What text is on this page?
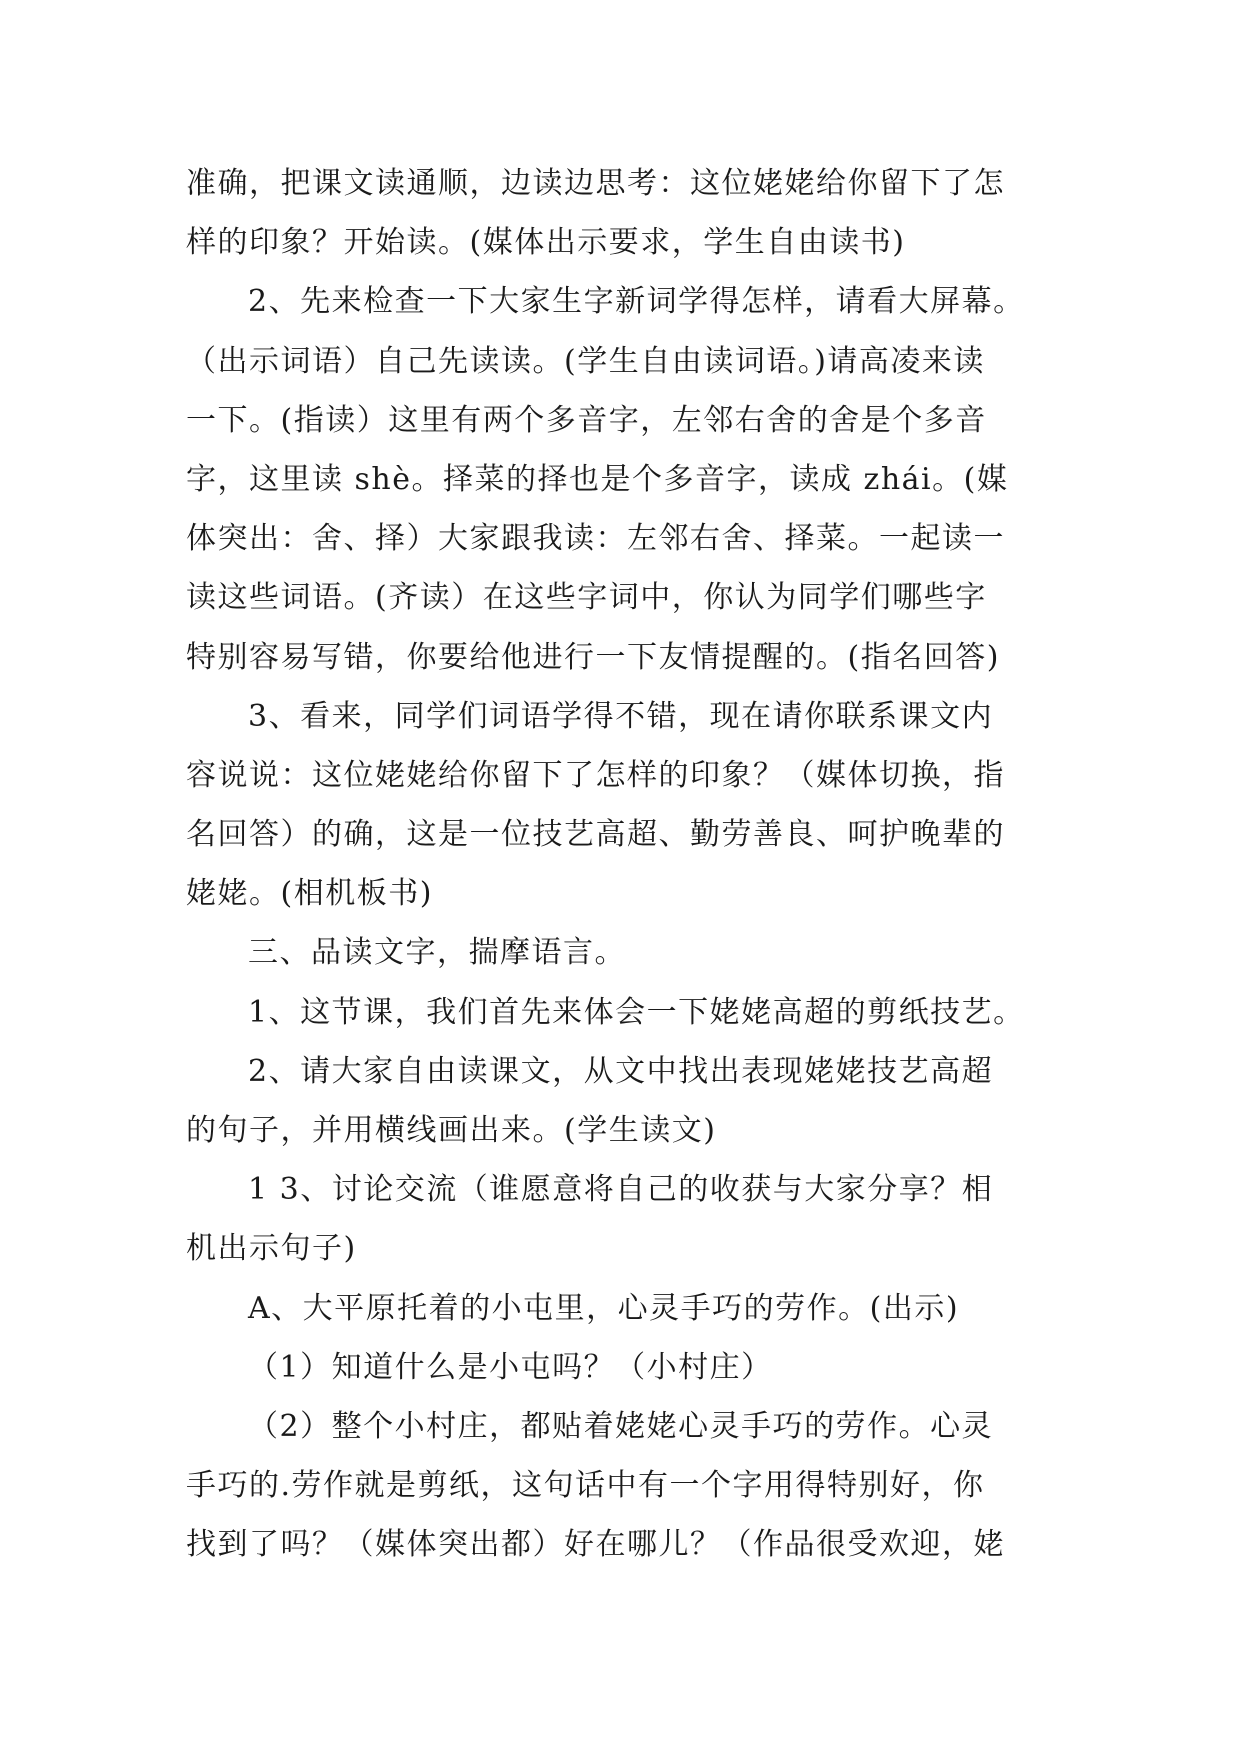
准确，把课文读通顺，边读边思考：这位姥姥给你留下了怎
样的印象？开始读。(媒体出示要求，学生自由读书)
2、先来检查一下大家生字新词学得怎样，请看大屏幕。
（出示词语）自己先读读。(学生自由读词语。)请高凌来读
一下。(指读）这里有两个多音字，左邻右舍的舍是个多音
字，这里读 shè。择菜的择也是个多音字，读成 zhái。(媒
体突出：舍、择）大家跟我读：左邻右舍、择菜。一起读一
读这些词语。(齐读）在这些字词中，你认为同学们哪些字
特别容易写错，你要给他进行一下友情提醒的。(指名回答)
3、看来，同学们词语学得不错，现在请你联系课文内
容说说：这位姥姥给你留下了怎样的印象？（媒体切换，指
名回答）的确，这是一位技艺高超、勤劳善良、呵护晚辈的
姥姥。(相机板书)
三、品读文字，揣摩语言。
1、这节课，我们首先来体会一下姥姥高超的剪纸技艺。
2、请大家自由读课文，从文中找出表现姥姥技艺高超
的句子，并用横线画出来。(学生读文)
1 3、讨论交流（谁愿意将自己的收获与大家分享？相
机出示句子)
A、大平原托着的小屯里，心灵手巧的劳作。(出示)
（1）知道什么是小屯吗？（小村庄）
（2）整个小村庄，都贴着姥姥心灵手巧的劳作。心灵
手巧的.劳作就是剪纸，这句话中有一个字用得特别好，你
找到了吗？（媒体突出都）好在哪儿？（作品很受欢迎，姥
